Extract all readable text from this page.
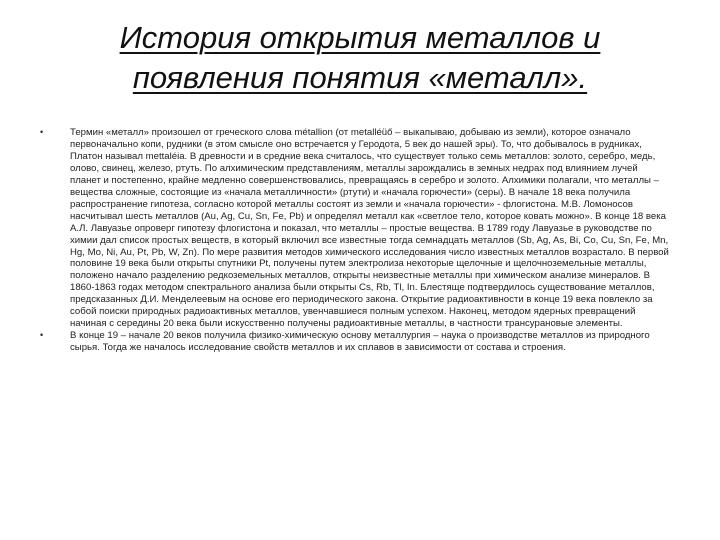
История открытия металлов и
появления понятия «металл».
•	Термин «металл» произошел от греческого слова métallion (от metalléüő – выкапываю, добываю из земли), которое означало первоначально копи, рудники (в этом смысле оно встречается у Геродота, 5 век до нашей эры). То, что добывалось в рудниках, Платон называл mettaléia. В древности и в средние века считалось, что существует только семь металлов: золото, серебро, медь, олово, свинец, железо, ртуть. По алхимическим представлениям, металлы зарождались в земных недрах под влиянием лучей планет и постепенно, крайне медленно совершенствовались, превращаясь в серебро и золото. Алхимики полагали, что металлы – вещества сложные, состоящие из «начала металличности» (ртути) и «начала горючести» (серы). В начале 18 века получила распространение гипотеза, согласно которой металлы состоят из земли и «начала горючести» - флогистона. М.В. Ломоносов насчитывал шесть металлов (Au, Ag, Cu, Sn, Fe, Pb) и определял металл как «светлое тело, которое ковать можно». В конце 18 века А.Л. Лавуазье опроверг гипотезу флогистона и показал, что металлы – простые вещества. В 1789 году Лавуазье в руководстве по химии дал список простых веществ, в который включил все известные тогда семнадцать металлов (Sb, Ag, As, Bi, Co, Cu, Sn, Fe, Mn, Hg, Mo, Ni, Au, Pt, Pb, W, Zn). По мере развития методов химического исследования число известных металлов возрастало. В первой половине 19 века были открыты спутники Pt, получены путем электролиза некоторые щелочные и щелочноземельные металлы, положено начало разделению редкоземельных металлов, открыты неизвестные металлы при химическом анализе минералов. В 1860-1863 годах методом спектрального анализа были открыты Cs, Rb, Tl, In. Блестяще подтвердилось существование металлов, предсказанных Д.И. Менделеевым на основе его периодического закона. Открытие радиоактивности в конце 19 века повлекло за собой поиски природных радиоактивных металлов, увенчавшиеся полным успехом. Наконец, методом ядерных превращений начиная с середины 20 века были искусственно получены радиоактивные металлы, в частности трансурановые элементы.
•	В конце 19 – начале 20 веков получила физико-химическую основу металлургия – наука о производстве металлов из природного сырья. Тогда же началось исследование свойств металлов и их сплавов в зависимости от состава и строения.
